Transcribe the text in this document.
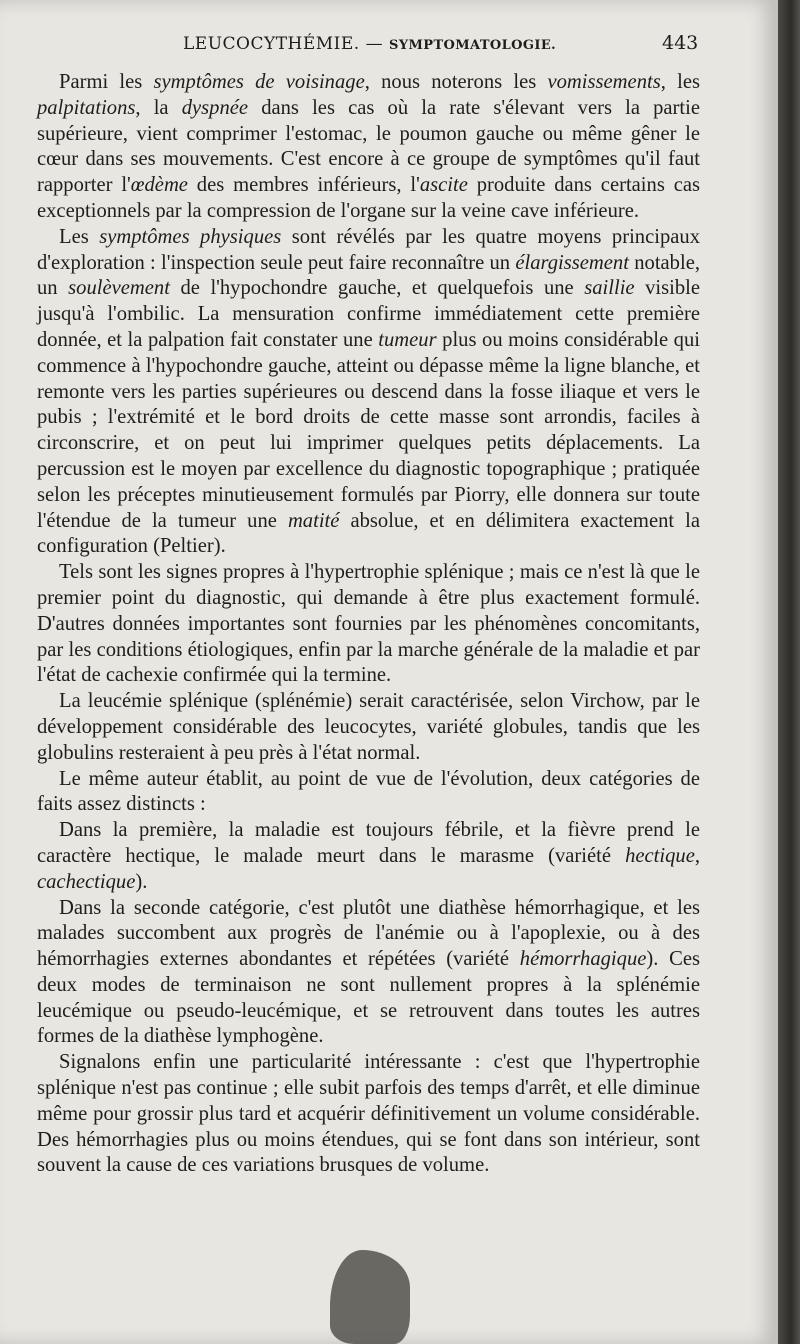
LEUCOCYTHÉMIE. — SYMPTOMATOLOGIE.	443

Parmi les symptômes de voisinage, nous noterons les vomissements, les palpitations, la dyspnée dans les cas où la rate s'élevant vers la partie supérieure, vient comprimer l'estomac, le poumon gauche ou même gêner le cœur dans ses mouvements. C'est encore à ce groupe de symptômes qu'il faut rapporter l'œdème des membres inférieurs, l'ascite produite dans certains cas exceptionnels par la compression de l'organe sur la veine cave inférieure.

Les symptômes physiques sont révélés par les quatre moyens principaux d'exploration : l'inspection seule peut faire reconnaître un élargissement notable, un soulèvement de l'hypochondre gauche, et quelquefois une saillie visible jusqu'à l'ombilic. La mensuration confirme immédiatement cette première donnée, et la palpation fait constater une tumeur plus ou moins considérable qui commence à l'hypochondre gauche, atteint ou dépasse même la ligne blanche, et remonte vers les parties supérieures ou descend dans la fosse iliaque et vers le pubis ; l'extrémité et le bord droits de cette masse sont arrondis, faciles à circonscrire, et on peut lui imprimer quelques petits déplacements. La percussion est le moyen par excellence du diagnostic topographique ; pratiquée selon les préceptes minutieusement formulés par Piorry, elle donnera sur toute l'étendue de la tumeur une matité absolue, et en délimitera exactement la configuration (Peltier).

Tels sont les signes propres à l'hypertrophie splénique ; mais ce n'est là que le premier point du diagnostic, qui demande à être plus exactement formulé. D'autres données importantes sont fournies par les phénomènes concomitants, par les conditions étiologiques, enfin par la marche générale de la maladie et par l'état de cachexie confirmée qui la termine.

La leucémie splénique (splénémie) serait caractérisée, selon Virchow, par le développement considérable des leucocytes, variété globules, tandis que les globulins resteraient à peu près à l'état normal.

Le même auteur établit, au point de vue de l'évolution, deux catégories de faits assez distincts :

Dans la première, la maladie est toujours fébrile, et la fièvre prend le caractère hectique, le malade meurt dans le marasme (variété hectique, cachectique).

Dans la seconde catégorie, c'est plutôt une diathèse hémorrhagique, et les malades succombent aux progrès de l'anémie ou à l'apoplexie, ou à des hémorrhagies externes abondantes et répétées (variété hémorrhagique). Ces deux modes de terminaison ne sont nullement propres à la splénémie leucémique ou pseudo-leucémique, et se retrouvent dans toutes les autres formes de la diathèse lymphogène.

Signalons enfin une particularité intéressante : c'est que l'hypertrophie splénique n'est pas continue ; elle subit parfois des temps d'arrêt, et elle diminue même pour grossir plus tard et acquérir définitivement un volume considérable. Des hémorrhagies plus ou moins étendues, qui se font dans son intérieur, sont souvent la cause de ces variations brusques de volume.
